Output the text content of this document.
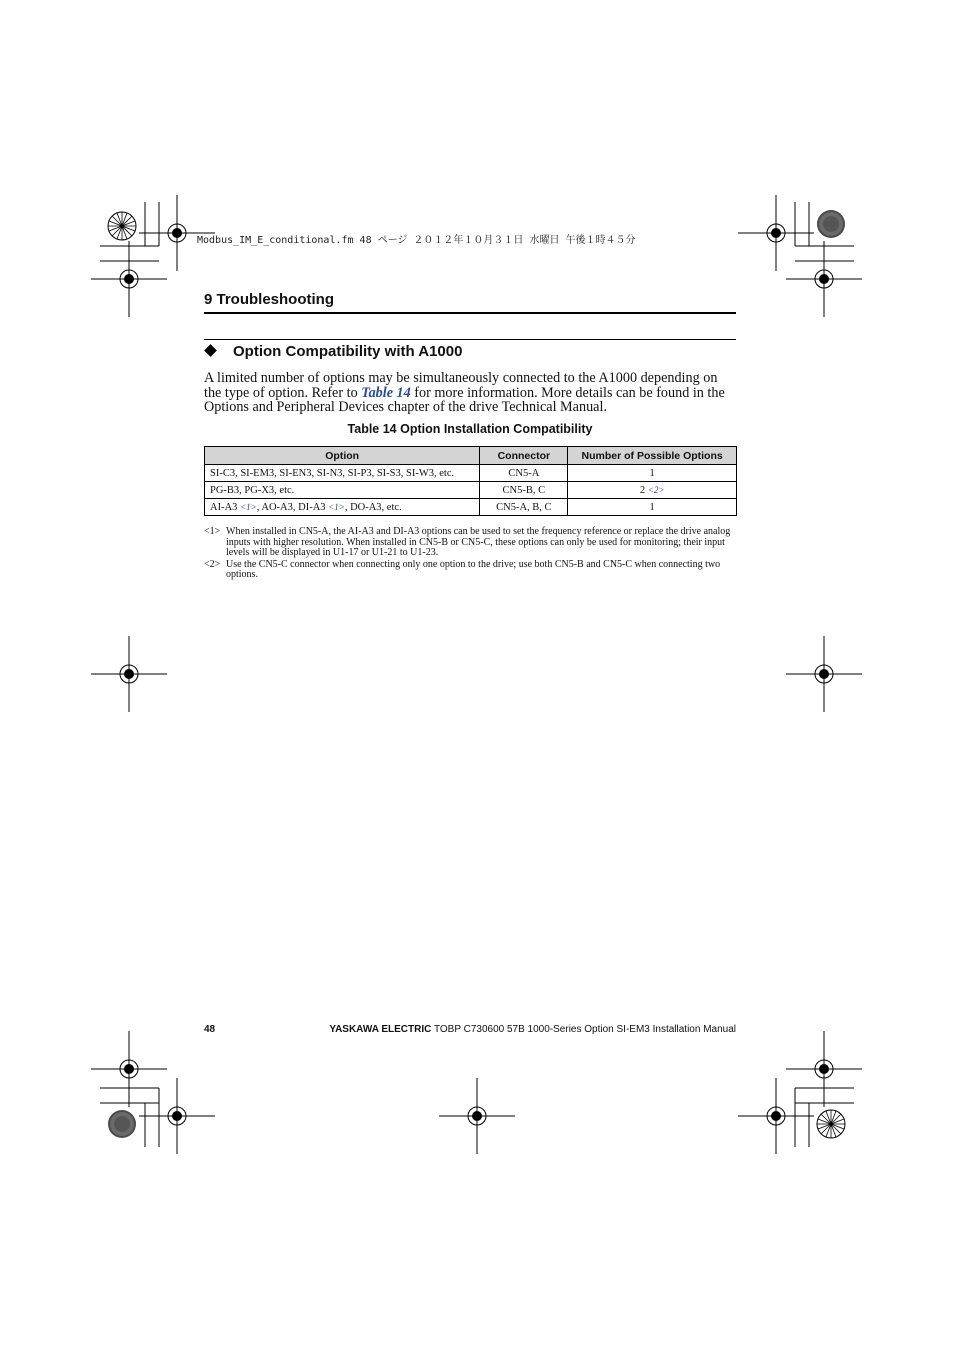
Modbus_IM_E_conditional.fm 48 ページ ２０１２年１０月３１日 水曜日 午後１時４５分
9 Troubleshooting
Option Compatibility with A1000
A limited number of options may be simultaneously connected to the A1000 depending on the type of option. Refer to Table 14 for more information. More details can be found in the Options and Peripheral Devices chapter of the drive Technical Manual.
Table 14 Option Installation Compatibility
Option	Connector	Number of Possible Options
SI-C3, SI-EM3, SI-EN3, SI-N3, SI-P3, SI-S3, SI-W3, etc.	CN5-A	1
PG-B3, PG-X3, etc.	CN5-B, C	2 <2>
AI-A3 <1>, AO-A3, DI-A3 <1>, DO-A3, etc.	CN5-A, B, C	1
<1> When installed in CN5-A, the AI-A3 and DI-A3 options can be used to set the frequency reference or replace the drive analog inputs with higher resolution. When installed in CN5-B or CN5-C, these options can only be used for monitoring; their input levels will be displayed in U1-17 or U1-21 to U1-23.
<2> Use the CN5-C connector when connecting only one option to the drive; use both CN5-B and CN5-C when connecting two options.
48	YASKAWA ELECTRIC TOBP C730600 57B 1000-Series Option SI-EM3 Installation Manual
